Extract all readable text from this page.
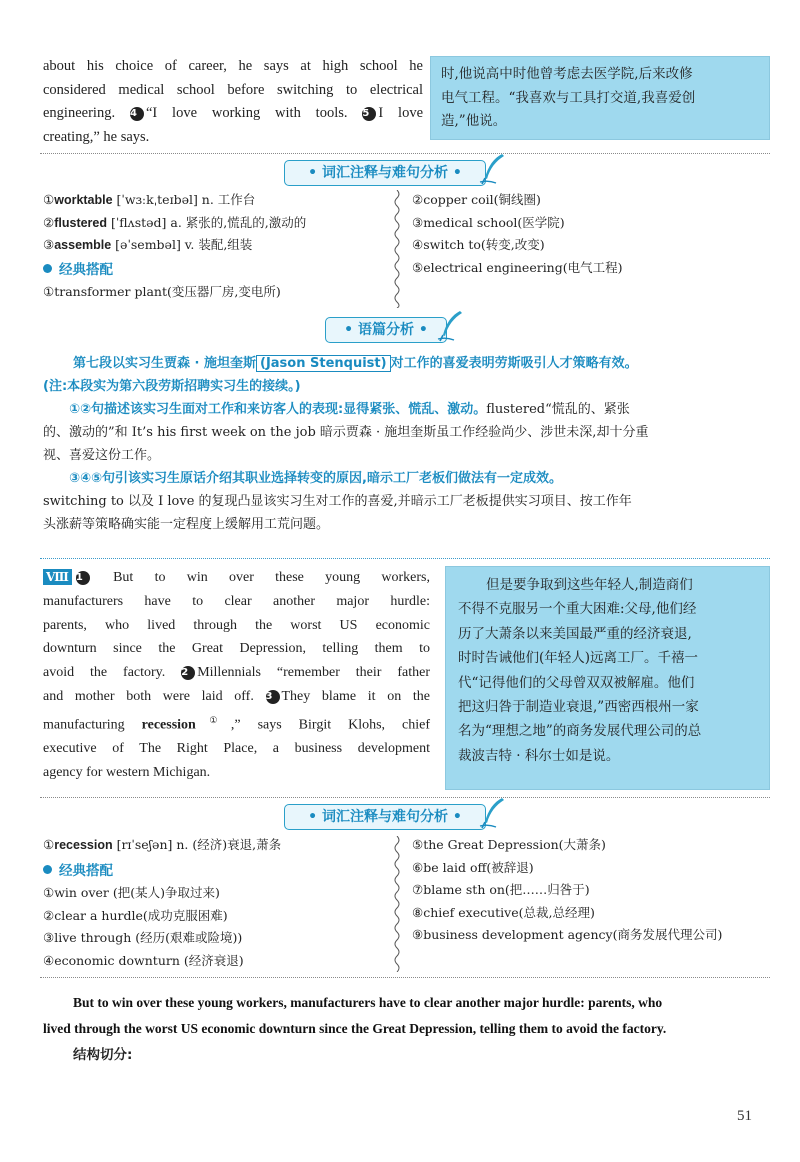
about his choice of career, he says at high school he
considered medical school before switching to electrical
engineering. 4 “I love working with tools. 5 I love
creating,” he says.
时,他说高中时他曾考虑去医学院,后来改修
电气工程。“我喜欢与工具打交道,我喜爱创
造,”他说。
• 词汇注释与难句分析 •
①worktable [ˈwɜːkˌteɪbəl] n. 工作台
②flustered [ˈflʌstəd] a. 紧张的,慌乱的,激动的
③assemble [əˈsembəl] v. 装配,组装
经典搭配
①transformer plant(变压器厂房,变电所)
②copper coil(铜线圈)
③medical school(医学院)
④switch to(转变,改变)
⑤electrical engineering(电气工程)
• 语篇分析 •
第七段以实习生贾森 · 施坦奎斯 (Jason Stenquist) 对工作的喜爱表明劳斯吸引人才策略有效。
(注:本段实为第六段劳斯招聘实习生的接续。)
①②句描述该实习生面对工作和来访客人的表现:显得紧张、慌乱、激动。flustered“慌乱的、紧张
的、激动的”和 It’s his first week on the job 暗示贾森 · 施坦奎斯虽工作经验尚少、涉世未深,却十分重
视、喜爱这份工作。
③④⑤句引该实习生原话介绍其职业选择转变的原因,暗示工厂老板们做法有一定成效。
switching to 以及 I love 的复现凸显该实习生对工作的喜爱,并暗示工厂老板提供实习项目、按工作年
头涨薪等策略确实能一定程度上缓解用工荒问题。
Ⅷ 1 But to win over these young workers,
manufacturers have to clear another major hurdle:
parents, who lived through the worst US economic
downturn since the Great Depression, telling them to
avoid the factory. 2 Millennials “remember their father
and mother both were laid off. 3 They blame it on the
manufacturing recession①,” says Birgit Klohs, chief
executive of The Right Place, a business development
agency for western Michigan.
但是要争取到这些年轻人,制造商们
不得不克服另一个重大困难:父母,他们经
历了大萧条以来美国最严重的经济衰退,
时时告诫他们(年轻人)远离工厂。千禧一
代“记得他们的父母曾双双被解雇。他们
把这归咎于制造业衰退,”西密西根州一家
名为“理想之地”的商务发展代理公司的总
裁波吉特 · 科尔士如是说。
• 词汇注释与难句分析 •
①recession [rɪˈseʃən] n. (经济)衰退,萧条
经典搭配
①win over (把(某人)争取过来)
②clear a hurdle(成功克服困难)
③live through (经历(艰难或险境))
④economic downturn (经济衰退)
⑤the Great Depression(大萧条)
⑥be laid off(被辞退)
⑦blame sth on(把……归咎于)
⑧chief executive(总裁,总经理)
⑨business development agency(商务发展代理公司)
But to win over these young workers, manufacturers have to clear another major hurdle: parents, who
lived through the worst US economic downturn since the Great Depression, telling them to avoid the factory.
结构切分:
51
